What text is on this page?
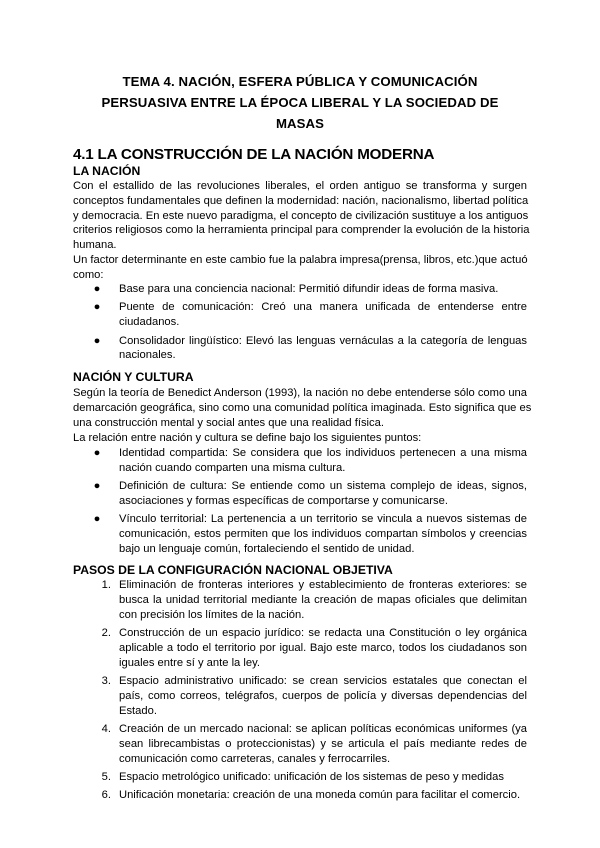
TEMA 4. NACIÓN, ESFERA PÚBLICA Y COMUNICACIÓN
PERSUASIVA ENTRE LA ÉPOCA LIBERAL Y LA SOCIEDAD DE
MASAS
4.1 LA CONSTRUCCIÓN DE LA NACIÓN MODERNA
LA NACIÓN
Con el estallido de las revoluciones liberales, el orden antiguo se transforma y surgen
conceptos fundamentales que definen la modernidad: nación, nacionalismo, libertad política
y democracia. En este nuevo paradigma, el concepto de civilización sustituye a los antiguos
criterios religiosos como la herramienta principal para comprender la evolución de la historia
humana.
Un factor determinante en este cambio fue la palabra impresa(prensa, libros, etc.)que actuó
como:
●	Base para una conciencia nacional: Permitió difundir ideas de forma masiva.
●	Puente de comunicación: Creó una manera unificada de entenderse entre ciudadanos.
●	Consolidador lingüístico: Elevó las lenguas vernáculas a la categoría de lenguas nacionales.
NACIÓN Y CULTURA
Según la teoría de Benedict Anderson (1993), la nación no debe entenderse sólo como una
demarcación geográfica, sino como una comunidad política imaginada. Esto significa que es
una construcción mental y social antes que una realidad física.
La relación entre nación y cultura se define bajo los siguientes puntos:
●	Identidad compartida: Se considera que los individuos pertenecen a una misma nación cuando comparten una misma cultura.
●	Definición de cultura: Se entiende como un sistema complejo de ideas, signos, asociaciones y formas específicas de comportarse y comunicarse.
●	Vínculo territorial: La pertenencia a un territorio se vincula a nuevos sistemas de comunicación, estos permiten que los individuos compartan símbolos y creencias bajo un lenguaje común, fortaleciendo el sentido de unidad.
PASOS DE LA CONFIGURACIÓN NACIONAL OBJETIVA
1. Eliminación de fronteras interiores y establecimiento de fronteras exteriores: se busca la unidad territorial mediante la creación de mapas oficiales que delimitan con precisión los límites de la nación.
2. Construcción de un espacio jurídico: se redacta una Constitución o ley orgánica aplicable a todo el territorio por igual. Bajo este marco, todos los ciudadanos son iguales entre sí y ante la ley.
3. Espacio administrativo unificado: se crean servicios estatales que conectan el país, como correos, telégrafos, cuerpos de policía y diversas dependencias del Estado.
4. Creación de un mercado nacional: se aplican políticas económicas uniformes (ya sean librecambistas o proteccionistas) y se articula el país mediante redes de comunicación como carreteras, canales y ferrocarriles.
5. Espacio metrológico unificado: unificación de los sistemas de peso y medidas
6. Unificación monetaria: creación de una moneda común para facilitar el comercio.
